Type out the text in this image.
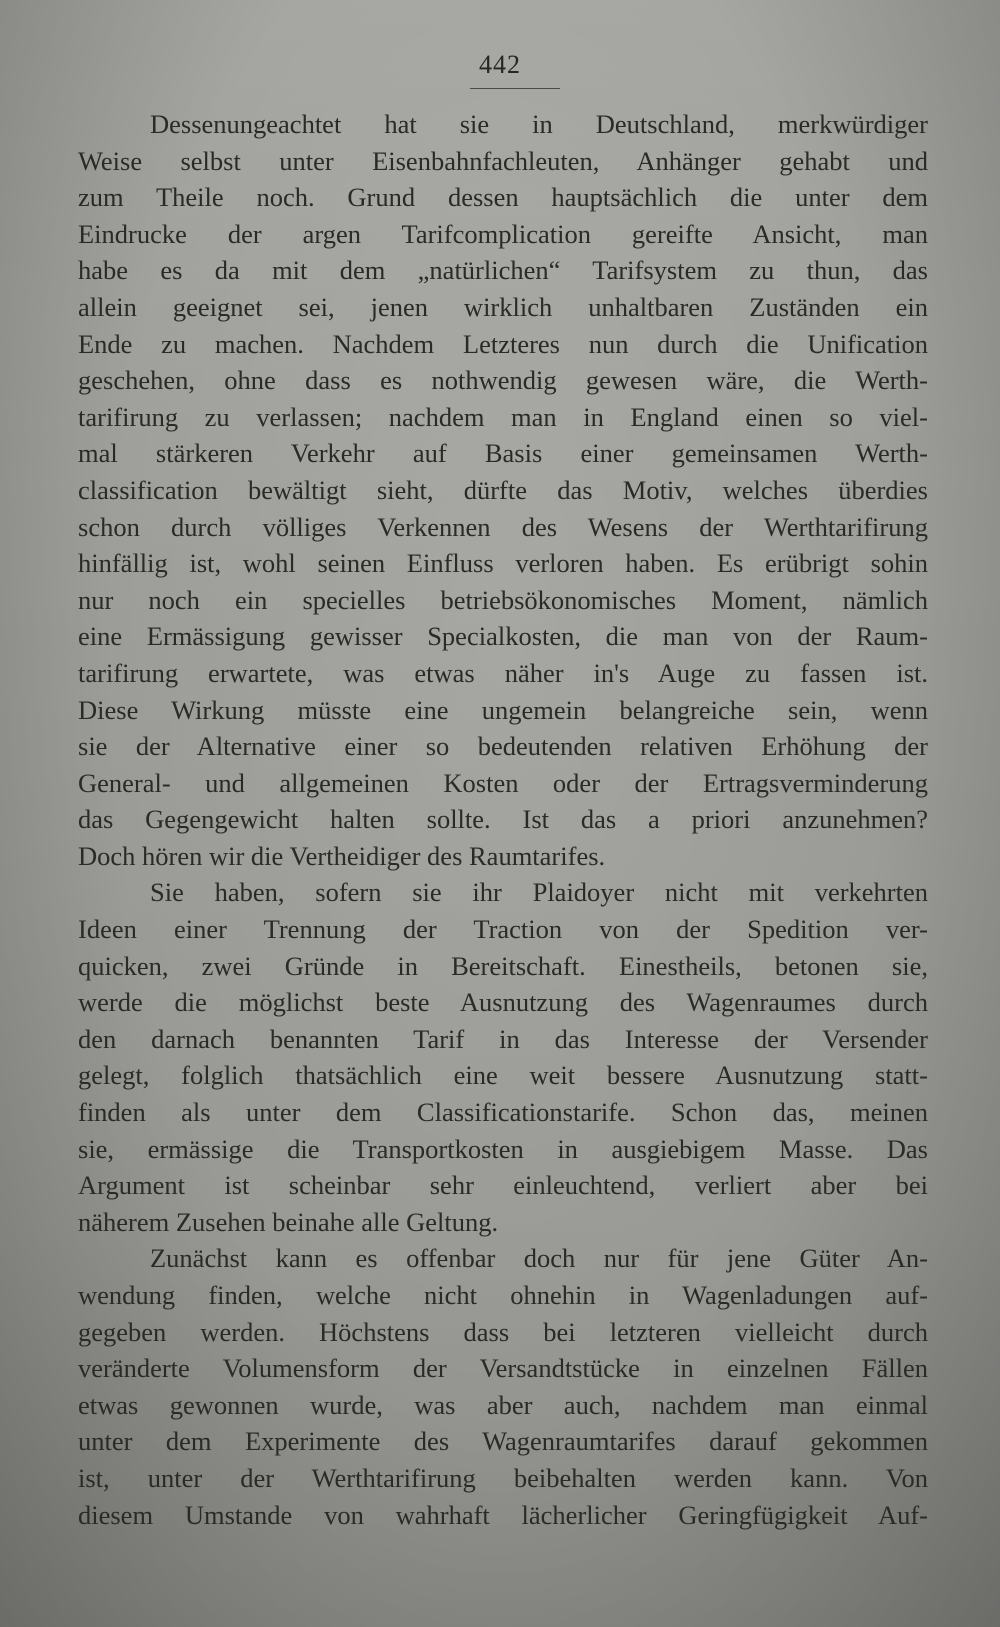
442
Dessenungeachtet hat sie in Deutschland, merkwürdiger
Weise selbst unter Eisenbahnfachleuten, Anhänger gehabt und
zum Theile noch. Grund dessen hauptsächlich die unter dem
Eindrucke der argen Tarifcomplication gereifte Ansicht, man
habe es da mit dem „natürlichen“ Tarifsystem zu thun, das
allein geeignet sei, jenen wirklich unhaltbaren Zuständen ein
Ende zu machen. Nachdem Letzteres nun durch die Unification
geschehen, ohne dass es nothwendig gewesen wäre, die Werth-
tarifirung zu verlassen; nachdem man in England einen so viel-
mal stärkeren Verkehr auf Basis einer gemeinsamen Werth-
classification bewältigt sieht, dürfte das Motiv, welches überdies
schon durch völliges Verkennen des Wesens der Werthtarifirung
hinfällig ist, wohl seinen Einfluss verloren haben. Es erübrigt sohin
nur noch ein specielles betriebsökonomisches Moment, nämlich
eine Ermässigung gewisser Specialkosten, die man von der Raum-
tarifirung erwartete, was etwas näher in's Auge zu fassen ist.
Diese Wirkung müsste eine ungemein belangreiche sein, wenn
sie der Alternative einer so bedeutenden relativen Erhöhung der
General- und allgemeinen Kosten oder der Ertragsverminderung
das Gegengewicht halten sollte. Ist das a priori anzunehmen?
Doch hören wir die Vertheidiger des Raumtarifes.
Sie haben, sofern sie ihr Plaidoyer nicht mit verkehrten
Ideen einer Trennung der Traction von der Spedition ver-
quicken, zwei Gründe in Bereitschaft. Einestheils, betonen sie,
werde die möglichst beste Ausnutzung des Wagenraumes durch
den darnach benannten Tarif in das Interesse der Versender
gelegt, folglich thatsächlich eine weit bessere Ausnutzung statt-
finden als unter dem Classificationstarife. Schon das, meinen
sie, ermässige die Transportkosten in ausgiebigem Masse. Das
Argument ist scheinbar sehr einleuchtend, verliert aber bei
näherem Zusehen beinahe alle Geltung.
Zunächst kann es offenbar doch nur für jene Güter An-
wendung finden, welche nicht ohnehin in Wagenladungen auf-
gegeben werden. Höchstens dass bei letzteren vielleicht durch
veränderte Volumensform der Versandtstücke in einzelnen Fällen
etwas gewonnen wurde, was aber auch, nachdem man einmal
unter dem Experimente des Wagenraumtarifes darauf gekommen
ist, unter der Werthtarifirung beibehalten werden kann. Von
diesem Umstande von wahrhaft lächerlicher Geringfügigkeit Auf-
